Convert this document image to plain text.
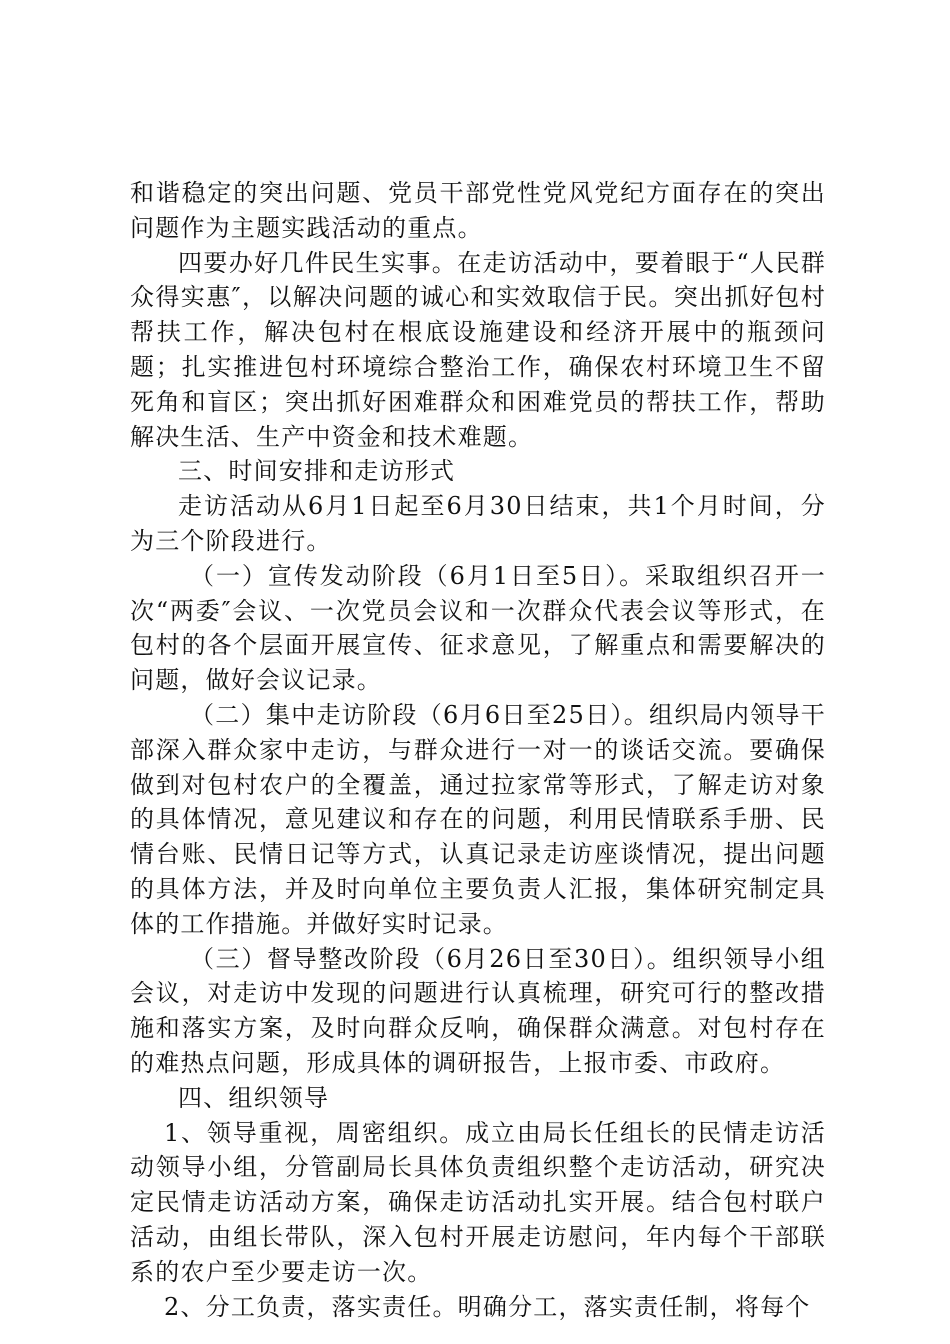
和谐稳定的突出问题、党员干部党性党风党纪方面存在的突出问题作为主题实践活动的重点。

四要办好几件民生实事。在走访活动中，要着眼于“人民群众得实惠″，以解决问题的诚心和实效取信于民。突出抓好包村帮扶工作，解决包村在根底设施建设和经济开展中的瓶颈问题；扎实推进包村环境综合整治工作，确保农村环境卫生不留死角和盲区；突出抓好困难群众和困难党员的帮扶工作，帮助解决生活、生产中资金和技术难题。

三、时间安排和走访形式

走访活动从6月1日起至6月30日结束，共1个月时间，分为三个阶段进行。

（一）宣传发动阶段（6月1日至5日）。采取组织召开一次“两委″会议、一次党员会议和一次群众代表会议等形式，在包村的各个层面开展宣传、征求意见，了解重点和需要解决的问题，做好会议记录。

（二）集中走访阶段（6月6日至25日）。组织局内领导干部深入群众家中走访，与群众进行一对一的谈话交流。要确保做到对包村农户的全覆盖，通过拉家常等形式，了解走访对象的具体情况，意见建议和存在的问题，利用民情联系手册、民情台账、民情日记等方式，认真记录走访座谈情况，提出问题的具体方法，并及时向单位主要负责人汇报，集体研究制定具体的工作措施。并做好实时记录。

（三）督导整改阶段（6月26日至30日）。组织领导小组会议，对走访中发现的问题进行认真梳理，研究可行的整改措施和落实方案，及时向群众反响，确保群众满意。对包村存在的难热点问题，形成具体的调研报告，上报市委、市政府。

四、组织领导

1、领导重视，周密组织。成立由局长任组长的民情走访活动领导小组，分管副局长具体负责组织整个走访活动，研究决定民情走访活动方案，确保走访活动扎实开展。结合包村联户活动，由组长带队，深入包村开展走访慰问，年内每个干部联系的农户至少要走访一次。

2、分工负责，落实责任。明确分工，落实责任制，将每个
